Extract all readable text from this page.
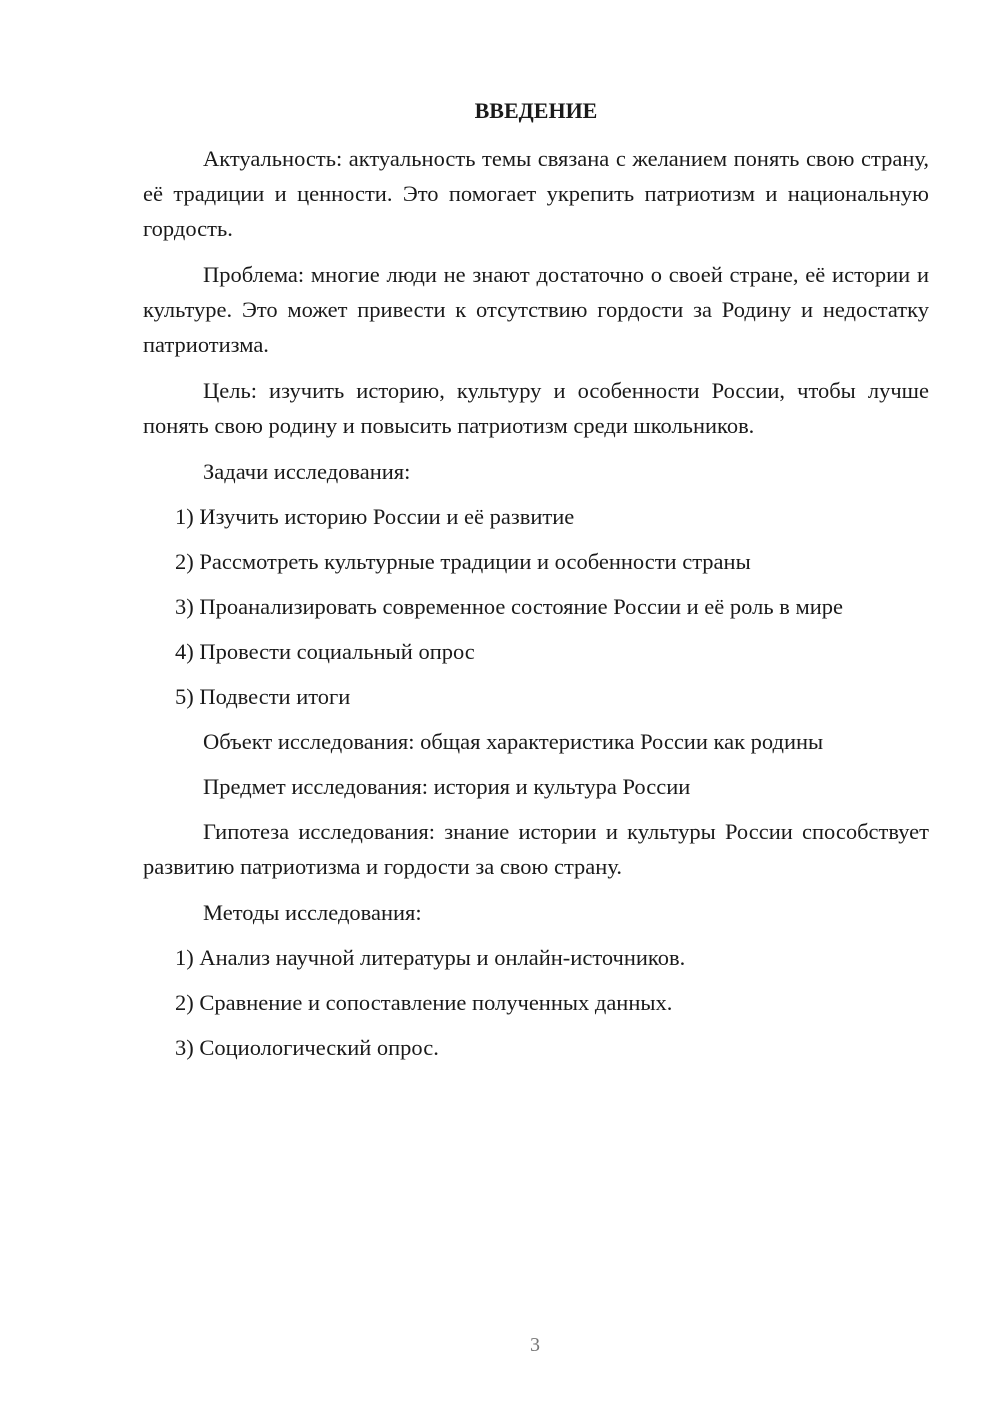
ВВЕДЕНИЕ

Актуальность: актуальность темы связана с желанием понять свою страну, её традиции и ценности. Это помогает укрепить патриотизм и национальную гордость.

Проблема: многие люди не знают достаточно о своей стране, её истории и культуре. Это может привести к отсутствию гордости за Родину и недостатку патриотизма.

Цель: изучить историю, культуру и особенности России, чтобы лучше понять свою родину и повысить патриотизм среди школьников.

Задачи исследования:

1) Изучить историю России и её развитие

2) Рассмотреть культурные традиции и особенности страны

3) Проанализировать современное состояние России и её роль в мире

4) Провести социальный опрос

5) Подвести итоги

Объект исследования: общая характеристика России как родины

Предмет исследования: история и культура России

Гипотеза исследования: знание истории и культуры России способствует развитию патриотизма и гордости за свою страну.

Методы исследования:

1) Анализ научной литературы и онлайн-источников.

2) Сравнение и сопоставление полученных данных.

3) Социологический опрос.

3
